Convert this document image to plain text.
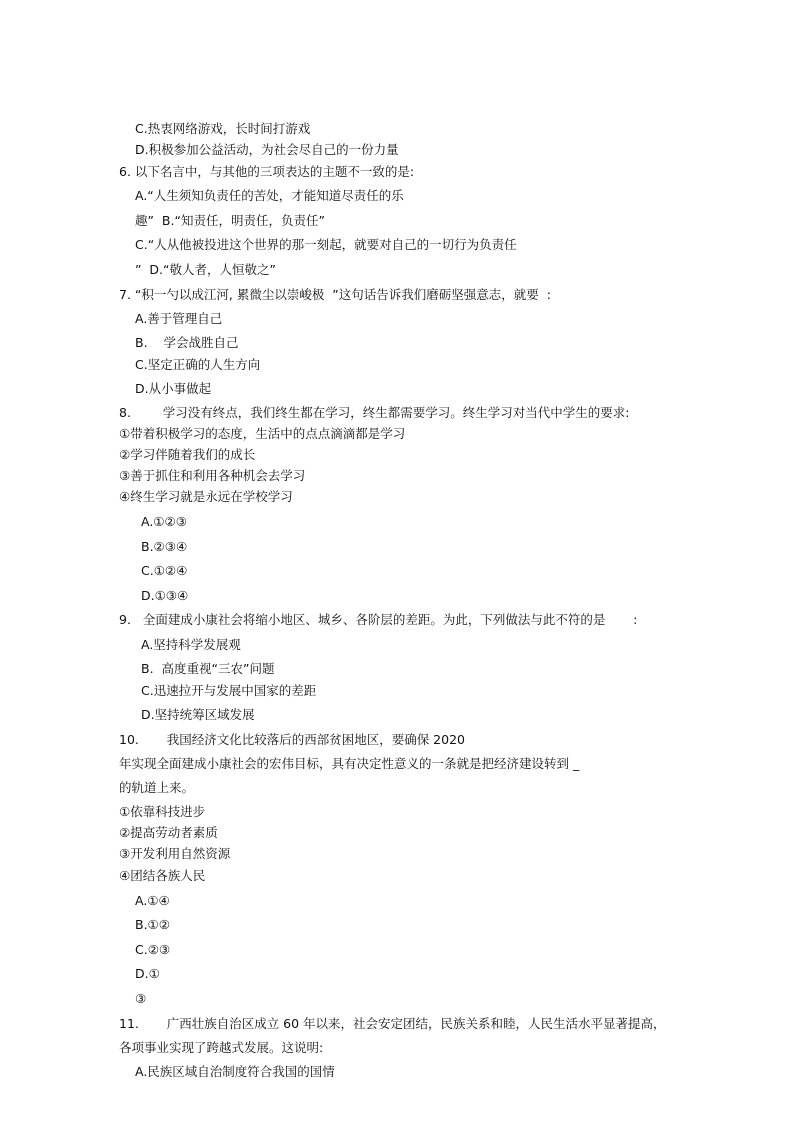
C.热衷网络游戏，长时间打游戏
D.积极参加公益活动，为社会尽自己的一份力量
6. 以下名言中，与其他的三项表达的主题不一致的是:
A.“人生须知负责任的苦处，才能知道尽责任的乐
趣”  B.“知责任，明责任，负责任”
C.“人从他被投进这个世界的那一刻起，就要对自己的一切行为负责任
”  D.“敬人者，人恒敬之”
7. “积一勺以成江河, 累微尘以崇峻极  ”这句话告诉我们磨砺坚强意志，就要  :
A.善于管理自己
B.    学会战胜自己
C.坚定正确的人生方向
D.从小事做起
8.        学习没有终点，我们终生都在学习，终生都需要学习。终生学习对当代中学生的要求:
①带着积极学习的态度，生活中的点点滴滴都是学习
②学习伴随着我们的成长
③善于抓住和利用各种机会去学习
④终生学习就是永远在学校学习
A.①②③
B.②③④
C.①②④
D.①③④
9.   全面建成小康社会将缩小地区、城乡、各阶层的差距。为此，下列做法与此不符的是       :
A.坚持科学发展观
B.  高度重视“三农”问题
C.迅速拉开与发展中国家的差距
D.坚持统筹区域发展
10.       我国经济文化比较落后的西部贫困地区，要确保 2020
年实现全面建成小康社会的宏伟目标，具有决定性意义的一条就是把经济建设转到 _
的轨道上来。
①依靠科技进步
②提高劳动者素质
③开发利用自然资源
④团结各族人民
A.①④
B.①②
C.②③
D.①
③
11.       广西壮族自治区成立 60 年以来，社会安定团结，民族关系和睦，人民生活水平显著提高，
各项事业实现了跨越式发展。这说明:
A.民族区域自治制度符合我国的国情
